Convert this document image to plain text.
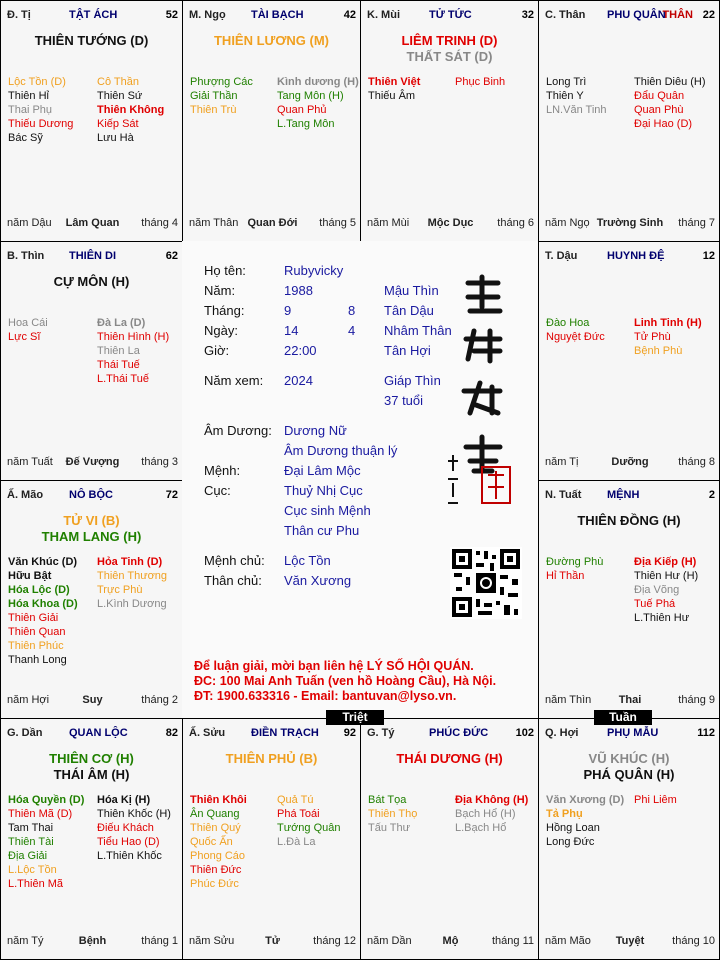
Đ. Tị	TẬT ÁCH	52
THIÊN TƯỚNG (D)
Lộc Tồn (D)
Thiên Hỉ
Thai Phụ
Thiếu Dương
Bác Sỹ
Cô Thần
Thiên Sứ
Thiên Không
Kiếp Sát
Lưu Hà
năm Dậu	Lâm Quan	tháng 4
M. Ngọ TÀI BẠCH	42
THIÊN LƯƠNG (M)
Phượng Các
Giải Thần
Thiên Trù
Kình dương (H)
Tang Môn (H)
Quan Phủ
L.Tang Môn
năm Thân Quan Đới	tháng 5
K. Mùi	TỬ TỨC	32
LIÊM TRINH (D)
THẤT SÁT (D)
Thiên Việt
Thiếu Âm
Phục Binh
năm Mùi	Mộc Dục	tháng 6
C. Thân PHU QUÂN
THÂN 22
Long Trì
Thiên Y
LN.Văn Tinh
Thiên Diêu (H)
Đẩu Quân
Quan Phù
Đại Hao (D)
năm Ngọ Trường Sinh	tháng 7
B. Thìn THIÊN DI	62
CỰ MÔN (H)
Hoa Cái
Lực Sĩ
Đà La (D)
Thiên Hình (H)
Thiên La
Thái Tuế
L.Thái Tuế
năm Tuất	Đế Vượng	tháng 3
T. Dậu	HUYNH ĐỆ	12
Đào Hoa
Nguyệt Đức
Linh Tinh (H)
Tử Phù
Bệnh Phù
năm Tị	Dưỡng	tháng 8
Ấ. Mão NÔ BỘC	72
TỬ VI (B)
THAM LANG (H)
Văn Khúc (D)
Hữu Bật
Hóa Lộc (D)
Hóa Khoa (D)
Thiên Giải
Thiên Quan
Thiên Phúc
Thanh Long
Hỏa Tinh (D)
Thiên Thương
Trực Phù
L.Kình Dương
năm Hợi	Suy	tháng 2
N. Tuất MỆNH	2
THIÊN ĐỒNG (H)
Đường Phù
Hỉ Thần
Địa Kiếp (H)
Thiên Hư (H)
Địa Võng
Tuế Phá
L.Thiên Hư
năm Thìn	Thai	tháng 9
G. Dần QUAN LỘC	82
THIÊN CƠ (H)
THÁI ÂM (H)
Hóa Quyền (D)
Thiên Mã (D)
Tam Thai
Thiên Tài
Địa Giải
L.Lộc Tồn
L.Thiên Mã
Hóa Kị (H)
Thiên Khốc (H)
Điếu Khách
Tiểu Hao (D)
L.Thiên Khốc
năm Tý	Bệnh	tháng 1
Ấ. Sửu ĐIỀN TRẠCH 92
THIÊN PHỦ (B)
Thiên Khôi
Ân Quang
Thiên Quý
Quốc Ấn
Phong Cáo
Thiên Đức
Phúc Đức
Quả Tú
Phá Toái
Tướng Quân
L.Đà La
năm Sửu	Tử	tháng 12
G. Tý	PHÚC ĐỨC 102
THÁI DƯƠNG (H)
Bát Tọa
Thiên Thọ
Tấu Thư
Địa Không (H)
Bạch Hổ (H)
L.Bạch Hổ
năm Dần	Mộ	tháng 11
Q. Hợi	PHỤ MẪU	112
VŨ KHÚC (H)
PHÁ QUÂN (H)
Văn Xương (D)
Tả Phụ
Hồng Loan
Long Đức
Phi Liêm
năm Mão	Tuyệt	tháng 10
Họ tên:	Rubyvicky
Năm:	1988	Mậu Thìn
Tháng:	9	8 Tân Dậu
Ngày:	14	4 Nhâm Thân
Giờ:	22:00	Tân Hợi
Năm xem: 2024	Giáp Thìn
37 tuổi
Âm Dương: Dương Nữ
Âm Dương thuận lý
Mệnh:	Đại Lâm Mộc
Cục:	Thuỷ Nhị Cục
Cục sinh Mệnh
Thân cư Phu
Mệnh chủ: Lộc Tồn
Thân chủ: Văn Xương
Để luận giải, mời bạn liên hệ LÝ SỐ HỘI QUÁN.
ĐC: 100 Mai Anh Tuấn (ven hồ Hoàng Cầu), Hà Nội.
ĐT: 1900.633316 - Email: bantuvan@lyso.vn.
Triệt	Tuần
